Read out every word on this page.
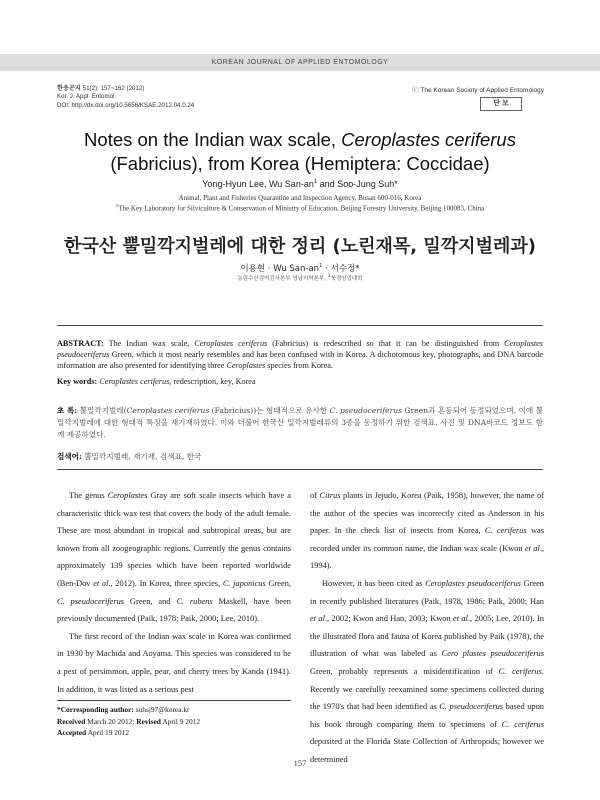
KOREAN JOURNAL OF APPLIED ENTOMOLOGY
한응곤지 51(2): 157~162 (2012)
Kor. J. Appl. Entomol.
DOI: http://dx.doi.org/10.5656/KSAE.2012.04.0.24
ⓒ The Korean Society of Applied Entomology
단 보
Notes on the Indian wax scale, Ceroplastes ceriferus
(Fabricius), from Korea (Hemiptera: Coccidae)
Yong-Hyun Lee, Wu San-$an^1$ and Soo-Jung Suh*
Animal, Plant and Fisheries Quarantine and Inspection Agency, Busan 600-016, Korea
$^1$The Key Laboratory for Silviculture & Conservation of Ministry of Education, Beijing Forestry University, Beijing 100083, China
한국산 뿔밀깍지벌레에 대한 정리 (노린재목, 밀깍지벌레과)
이용현 · Wu San-$an^1$ · 서수정*
농림수산검역검사본부 영남지역본부, $^1$북경임업대학
ABSTRACT: The Indian wax scale, Ceroplastes ceriferus (Fabricius) is redescribed so that it can be distinguished from Ceroplastes pseudoceriferus Green, which it most nearly resembles and has been confused with in Korea. A dichotomous key, photographs, and DNA barcode information are also presented for identifying three Ceroplastes species from Korea.
Key words: Ceroplastes ceriferus, redescription, key, Korea
초 록: 뿔밀깍지벌레(Ceroplastes ceriferus (Fabricius))는 형태적으로 유사한 C. pseudoceriferus Green과 혼동되어 동정되었으며, 이에 뿔밀깍지벌레에 대한 형태적 특징을 재기재하였다. 이와 더불어 한국산 밀깍지벌레류의 3종을 동정하기 위한 검색표, 사진 및 DNA바코드 정보도 함께 제공하였다.
검색어: 뿔밀깍지벌레, 재기재, 검색표, 한국

The genus Ceroplastes Gray are soft scale insects which have a characteristic thick wax test that covers the body of the adult female. These are most abundant in tropical and subtropical areas, but are known from all zoogeographic regions. Currently the genus contains approximately 139 species which have been reported worldwide (Ben-Dov et al., 2012). In Korea, three species, C. japonicus Green, C. pseudoceriferus Green, and C. rubens Maskell, have been previously documented (Paik, 1978; Paik, 2000; Lee, 2010).

The first record of the Indian wax scale in Korea was confirmed in 1930 by Machida and Aoyama. This species was considered to be a pest of persimmon, apple, pear, and cherry trees by Kanda (1941). In addition, it was listed as a serious pest

of Citrus plants in Jejudo, Korea (Paik, 1958), however, the name of the author of the species was incorrectly cited as Anderson in his paper. In the check list of insects from Korea, C. ceriferus was recorded under its common name, the Indian wax scale (Kwon et al., 1994).

However, it has been cited as Ceroplastes pseudoceriferus Green in recently published literatures (Paik, 1978, 1986; Paik, 2000; Han et al., 2002; Kwon and Han, 2003; Kwon et al., 2005; Lee, 2010). In the illustrated flora and fauna of Korea published by Paik (1978), the illustration of what was labeled as Cero plastes pseudoceriferus Green, probably represents a misidentification of C. ceriferus. Recently we carefully reexamined some specimens collected during the 1970's that had been identified as C. pseudoceriferus based upon his book through comparing them to specimens of C. ceriferus deposited at the Florida State Collection of Arthropods; however we determined

*Corresponding author: suhsj97@korea.kr
Received March 20 2012; Revised April 9 2012
Accepted April 19 2012
157
